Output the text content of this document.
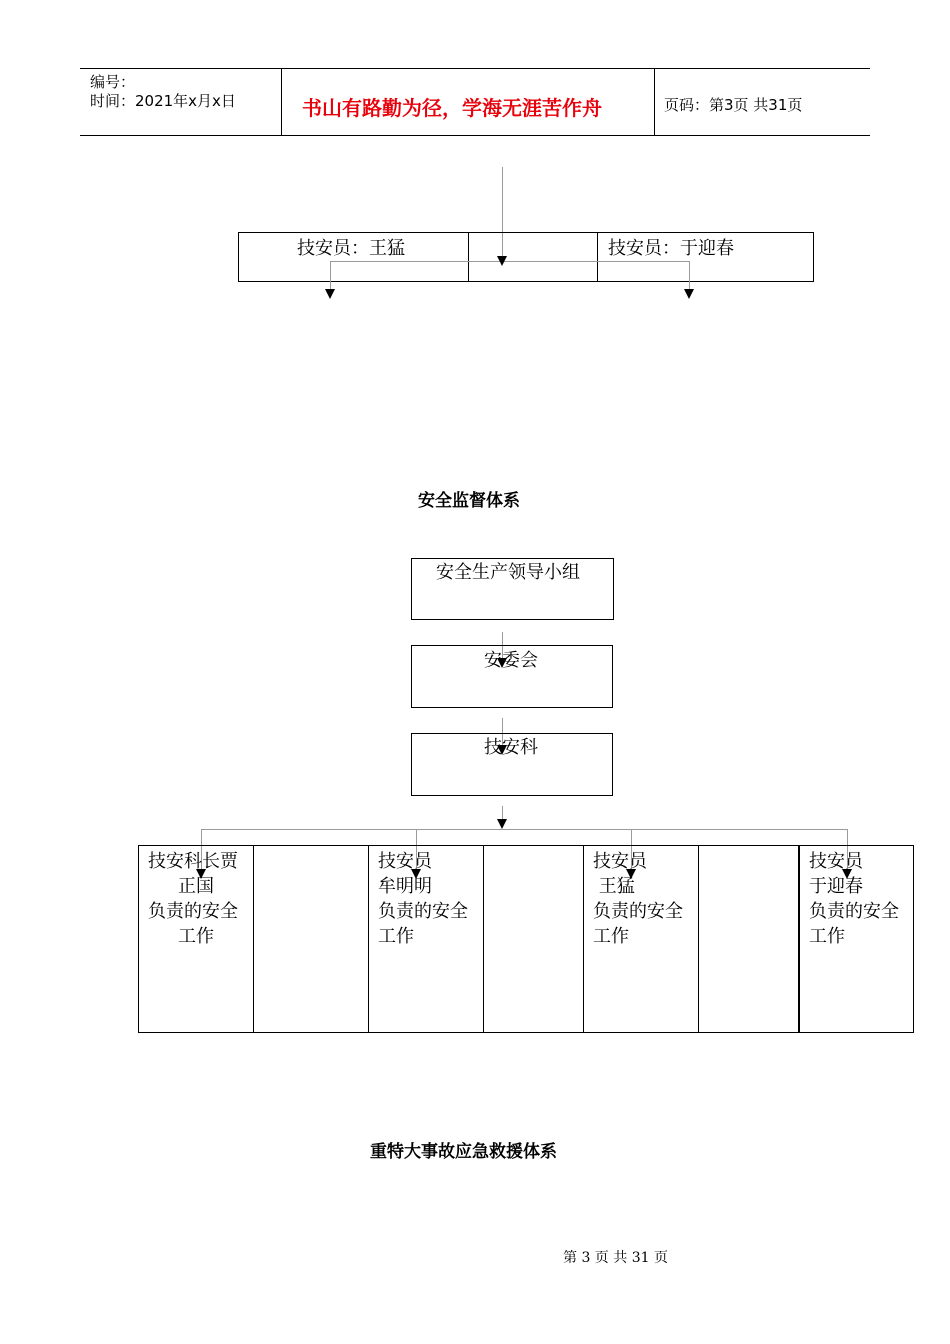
编号：
时间：2021年x月x日	书山有路勤为径，学海无涯苦作舟	页码：第3页 共31页
技安员：王猛	技安员：于迎春
安全监督体系
安全生产领导小组
安委会
技安科
技安科长贾
正国
负责的安全
工作
技安员
牟明明
负责的安全
工作
技安员
王猛
负责的安全
工作
技安员
于迎春
负责的安全
工作
重特大事故应急救援体系
第 3 页 共 31 页
